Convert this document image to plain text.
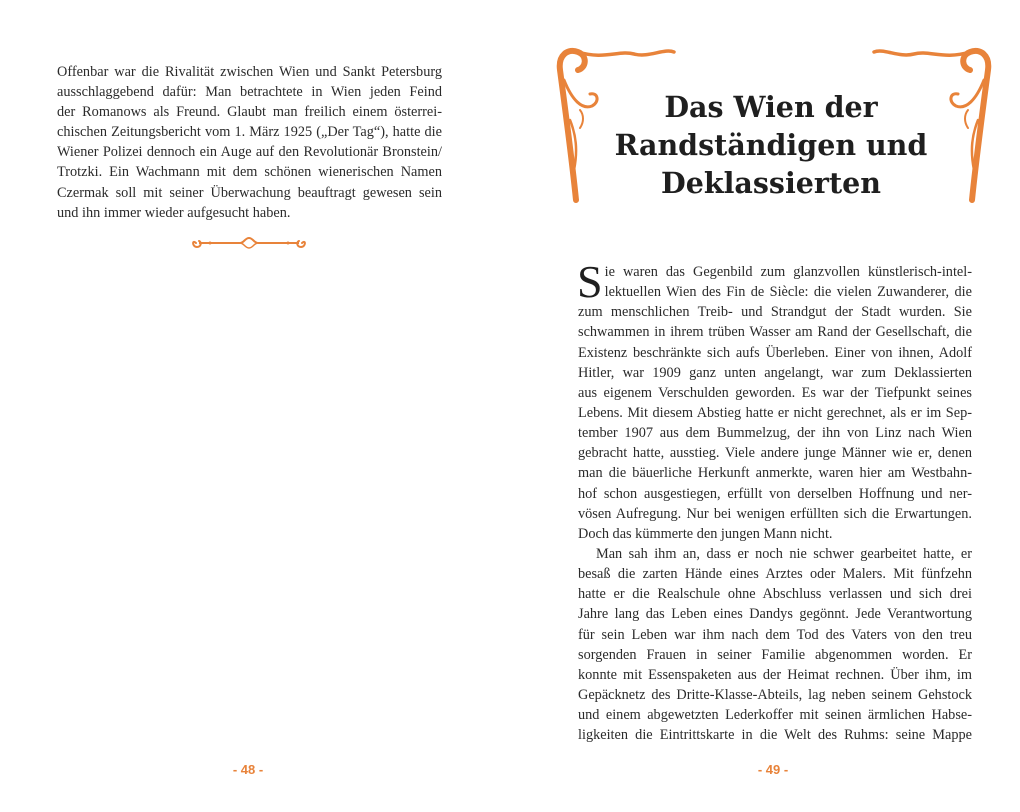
Offenbar war die Rivalität zwischen Wien und Sankt Petersburg
ausschlaggebend dafür: Man betrachtete in Wien jeden Feind
der Romanows als Freund. Glaubt man freilich einem österrei-
chischen Zeitungsbericht vom 1. März 1925 („Der Tag“), hatte die
Wiener Polizei dennoch ein Auge auf den Revolutionär Bronstein/
Trotzki. Ein Wachmann mit dem schönen wienerischen Namen
Czermak soll mit seiner Überwachung beauftragt gewesen sein
und ihn immer wieder aufgesucht haben.
- 48 -
Das Wien der
Randständigen und
Deklassierten
S ie waren das Gegenbild zum glanzvollen künstlerisch-intel-
lektuellen Wien des Fin de Siècle: die vielen Zuwanderer, die
zum menschlichen Treib- und Strandgut der Stadt wurden. Sie
schwammen in ihrem trüben Wasser am Rand der Gesellschaft, die
Existenz beschränkte sich aufs Überleben. Einer von ihnen, Adolf
Hitler, war 1909 ganz unten angelangt, war zum Deklassierten
aus eigenem Verschulden geworden. Es war der Tiefpunkt seines
Lebens. Mit diesem Abstieg hatte er nicht gerechnet, als er im Sep-
tember 1907 aus dem Bummelzug, der ihn von Linz nach Wien
gebracht hatte, ausstieg. Viele andere junge Männer wie er, denen
man die bäuerliche Herkunft anmerkte, waren hier am Westbahn-
hof schon ausgestiegen, erfüllt von derselben Hoffnung und ner-
vösen Aufregung. Nur bei wenigen erfüllten sich die Erwartungen.
Doch das kümmerte den jungen Mann nicht.
Man sah ihm an, dass er noch nie schwer gearbeitet hatte, er
besaß die zarten Hände eines Arztes oder Malers. Mit fünfzehn
hatte er die Realschule ohne Abschluss verlassen und sich drei
Jahre lang das Leben eines Dandys gegönnt. Jede Verantwortung
für sein Leben war ihm nach dem Tod des Vaters von den treu
sorgenden Frauen in seiner Familie abgenommen worden. Er
konnte mit Essenspaketen aus der Heimat rechnen. Über ihm, im
Gepäcknetz des Dritte-Klasse-Abteils, lag neben seinem Gehstock
und einem abgewetzten Lederkoffer mit seinen ärmlichen Habse-
ligkeiten die Eintrittskarte in die Welt des Ruhms: seine Mappe
- 49 -
